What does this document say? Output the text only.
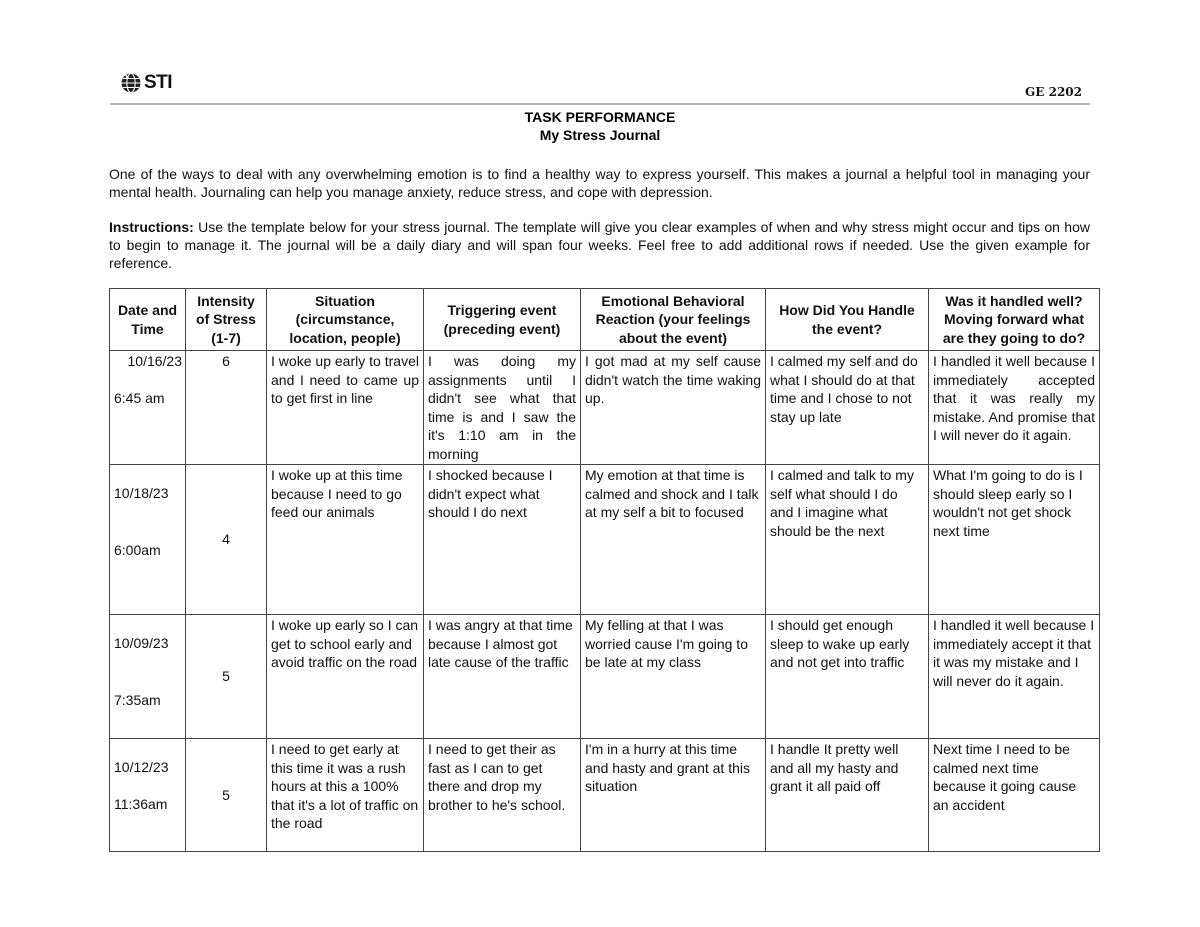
STI	GE 2202
TASK PERFORMANCE
My Stress Journal
One of the ways to deal with any overwhelming emotion is to find a healthy way to express yourself. This makes a journal a helpful tool in managing your mental health. Journaling can help you manage anxiety, reduce stress, and cope with depression.
Instructions: Use the template below for your stress journal. The template will give you clear examples of when and why stress might occur and tips on how to begin to manage it. The journal will be a daily diary and will span four weeks. Feel free to add additional rows if needed. Use the given example for reference.
Date and Time	Intensity of Stress (1-7)	Situation (circumstance, location, people)	Triggering event (preceding event)	Emotional Behavioral Reaction (your feelings about the event)	How Did You Handle the event?	Was it handled well? Moving forward what are they going to do?

10/16/23
6:45 am	6	I woke up early to travel and I need to came up to get first in line	I was doing my assignments until I didn't see what that time is and I saw the it's 1:10 am in the morning	I got mad at my self cause didn't watch the time waking up.	I calmed my self and do what I should do at that time and I chose to not stay up late	I handled it well because I immediately accepted that it was really my mistake. And promise that I will never do it again.

10/18/23
6:00am	4	I woke up at this time because I need to go feed our animals	I shocked because I didn't expect what should I do next	My emotion at that time is calmed and shock and I talk at my self a bit to focused	I calmed and talk to my self what should I do and I imagine what should be the next	What I'm going to do is I should sleep early so I wouldn't not get shock next time

10/09/23
7:35am	5	I woke up early so I can get to school early and avoid traffic on the road	I was angry at that time because I almost got late cause of the traffic	My felling at that I was worried cause I'm going to be late at my class	I should get enough sleep to wake up early and not get into traffic	I handled it well because I immediately accept it that it was my mistake and I will never do it again.

10/12/23
11:36am	5	I need to get early at this time it was a rush hours at this a 100% that it's a lot of traffic on the road	I need to get their as fast as I can to get there and drop my brother to he's school.	I'm in a hurry at this time and hasty and grant at this situation	I handle It pretty well and all my hasty and grant it all paid off	Next time I need to be calmed next time because it going cause an accident
